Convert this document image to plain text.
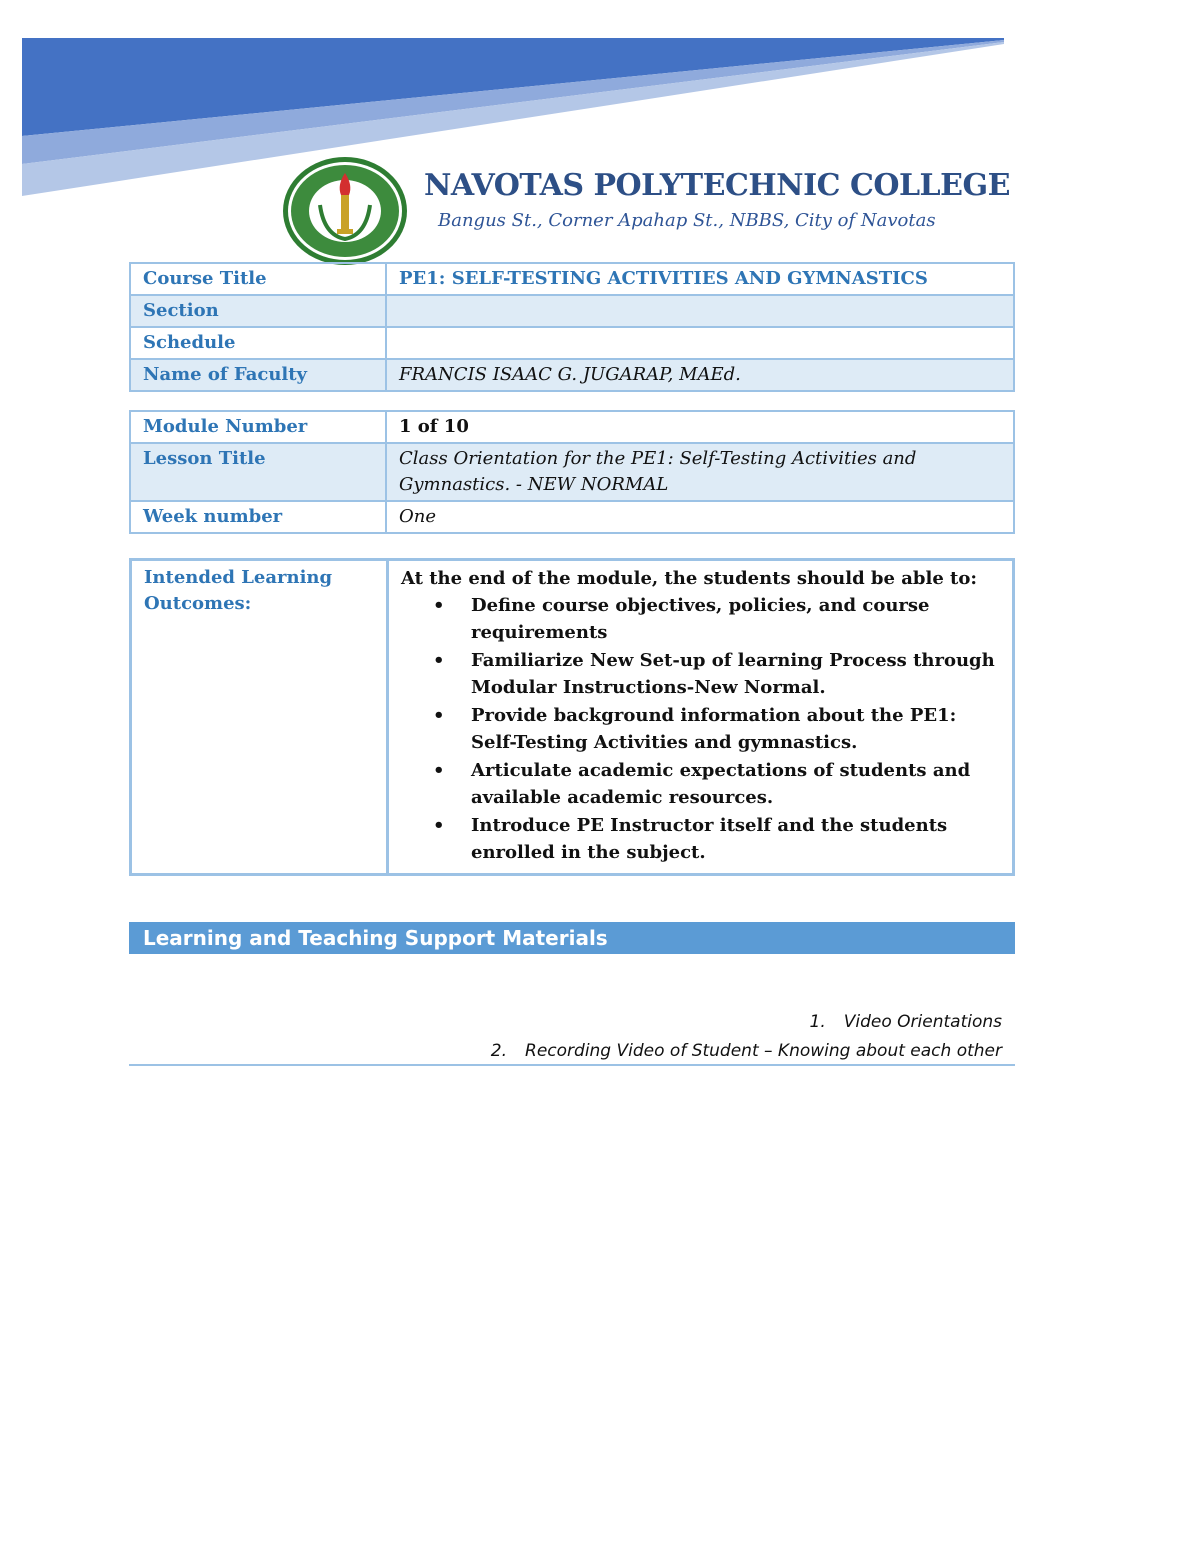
NAVOTAS POLYTECHNIC COLLEGE
Bangus St., Corner Apahap St., NBBS, City of Navotas
Course Title	PE1: SELF-TESTING ACTIVITIES AND GYMNASTICS
Section	
Schedule	
Name of Faculty	FRANCIS ISAAC G. JUGARAP, MAEd.
Module Number	1 of 10
Lesson Title	Class Orientation for the PE1: Self-Testing Activities and Gymnastics. - NEW NORMAL
Week number	One
Intended Learning Outcomes:	
At the end of the module, the students should be able to:
• Define course objectives, policies, and course requirements
• Familiarize New Set-up of learning Process through Modular Instructions-New Normal.
• Provide background information about the PE1: Self-Testing Activities and gymnastics.
• Articulate academic expectations of students and available academic resources.
• Introduce PE Instructor itself and the students enrolled in the subject.
Learning and Teaching Support Materials
1. Video Orientations
2. Recording Video of Student – Knowing about each other
